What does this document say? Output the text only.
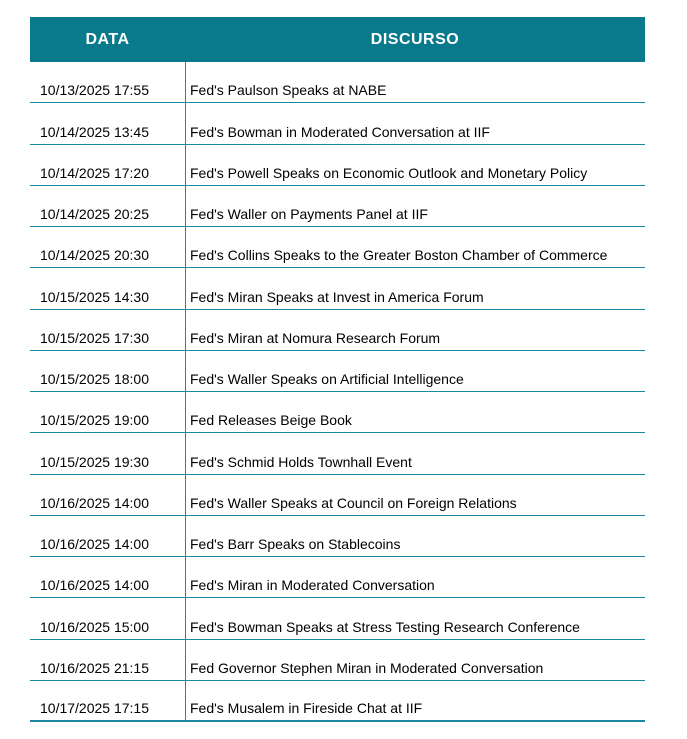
DATA	DISCURSO
10/13/2025 17:55	Fed's Paulson Speaks at NABE
10/14/2025 13:45	Fed's Bowman in Moderated Conversation at IIF
10/14/2025 17:20	Fed's Powell Speaks on Economic Outlook and Monetary Policy
10/14/2025 20:25	Fed's Waller on Payments Panel at IIF
10/14/2025 20:30	Fed's Collins Speaks to the Greater Boston Chamber of Commerce
10/15/2025 14:30	Fed's Miran Speaks at Invest in America Forum
10/15/2025 17:30	Fed's Miran at Nomura Research Forum
10/15/2025 18:00	Fed's Waller Speaks on Artificial Intelligence
10/15/2025 19:00	Fed Releases Beige Book
10/15/2025 19:30	Fed's Schmid Holds Townhall Event
10/16/2025 14:00	Fed's Waller Speaks at Council on Foreign Relations
10/16/2025 14:00	Fed's Barr Speaks on Stablecoins
10/16/2025 14:00	Fed's Miran in Moderated Conversation
10/16/2025 15:00	Fed's Bowman Speaks at Stress Testing Research Conference
10/16/2025 21:15	Fed Governor Stephen Miran in Moderated Conversation
10/17/2025 17:15	Fed's Musalem in Fireside Chat at IIF
